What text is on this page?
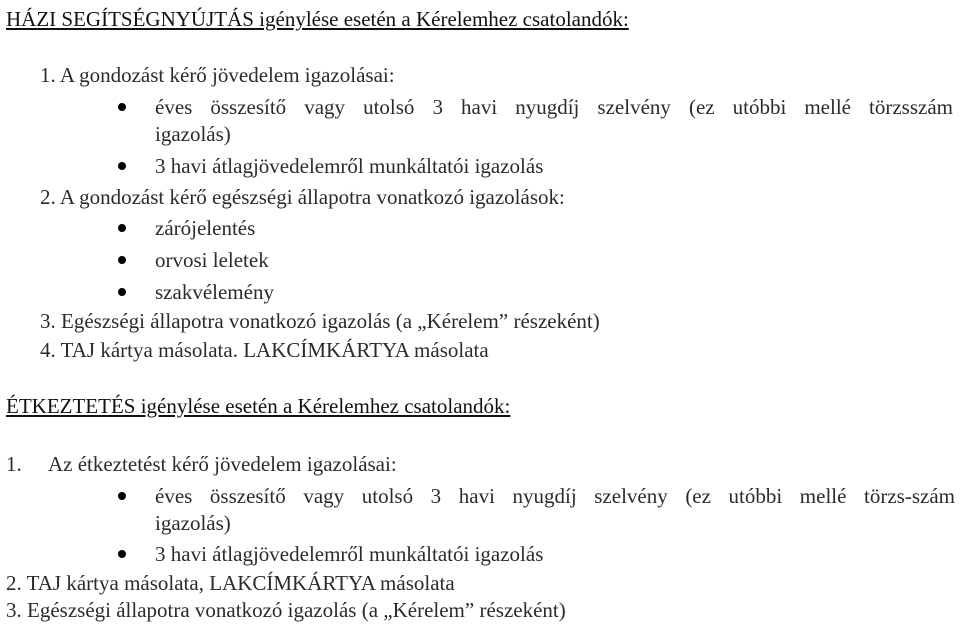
HÁZI SEGÍTSÉGNYÚJTÁS igénylése esetén a Kérelemhez csatolandók:
1. A gondozást kérő jövedelem igazolásai:
éves összesítő vagy utolsó 3 havi nyugdíj szelvény (ez utóbbi mellé törzsszám
igazolás)
3 havi átlagjövedelemről munkáltatói igazolás
2. A gondozást kérő egészségi állapotra vonatkozó igazolások:
zárójelentés
orvosi leletek
szakvélemény
3. Egészségi állapotra vonatkozó igazolás (a „Kérelem” részeként)
4. TAJ kártya másolata. LAKCÍMKÁRTYA másolata
ÉTKEZTETÉS igénylése esetén a Kérelemhez csatolandók:
1. Az étkeztetést kérő jövedelem igazolásai:
éves összesítő vagy utolsó 3 havi nyugdíj szelvény (ez utóbbi mellé törzs-szám
igazolás)
3 havi átlagjövedelemről munkáltatói igazolás
2. TAJ kártya másolata, LAKCÍMKÁRTYA másolata
3. Egészségi állapotra vonatkozó igazolás (a „Kérelem” részeként)
